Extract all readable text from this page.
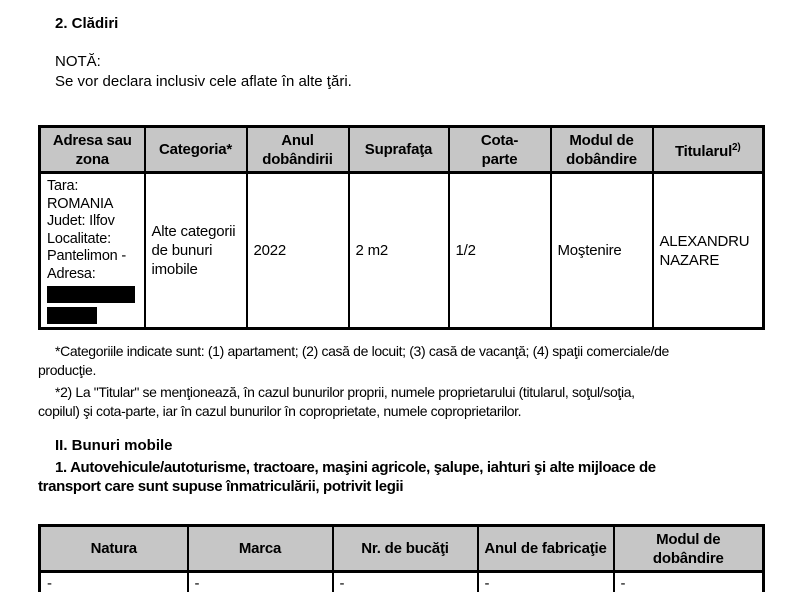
2. Clădiri
NOTĂ:
Se vor declara inclusiv cele aflate în alte ţări.
Adresa sau zona	Categoria*	Anul dobândirii	Suprafaţa	Cota-parte	Modul de dobândire	Titularul$^{2)}$

Tara:
ROMANIA
Judet: Ilfov
Localitate:
Pantelimon -
Adresa:
	Alte categorii de bunuri imobile	2022	2 m2	1/2	Moştenire	ALEXANDRU NAZARE
*Categoriile indicate sunt: (1) apartament; (2) casă de locuit; (3) casă de vacanţă; (4) spaţii comerciale/de
producţie.
*2) La "Titular" se menţionează, în cazul bunurilor proprii, numele proprietarului (titularul, soţul/soţia,
copilul) şi cota-parte, iar în cazul bunurilor în coproprietate, numele coproprietarilor.
II. Bunuri mobile
1. Autovehicule/autoturisme, tractoare, maşini agricole, şalupe, iahturi şi alte mijloace de
transport care sunt supuse înmatriculării, potrivit legii
Natura	Marca	Nr. de bucăţi	Anul de fabricaţie	Modul de dobândire
-	-	-	-	-
